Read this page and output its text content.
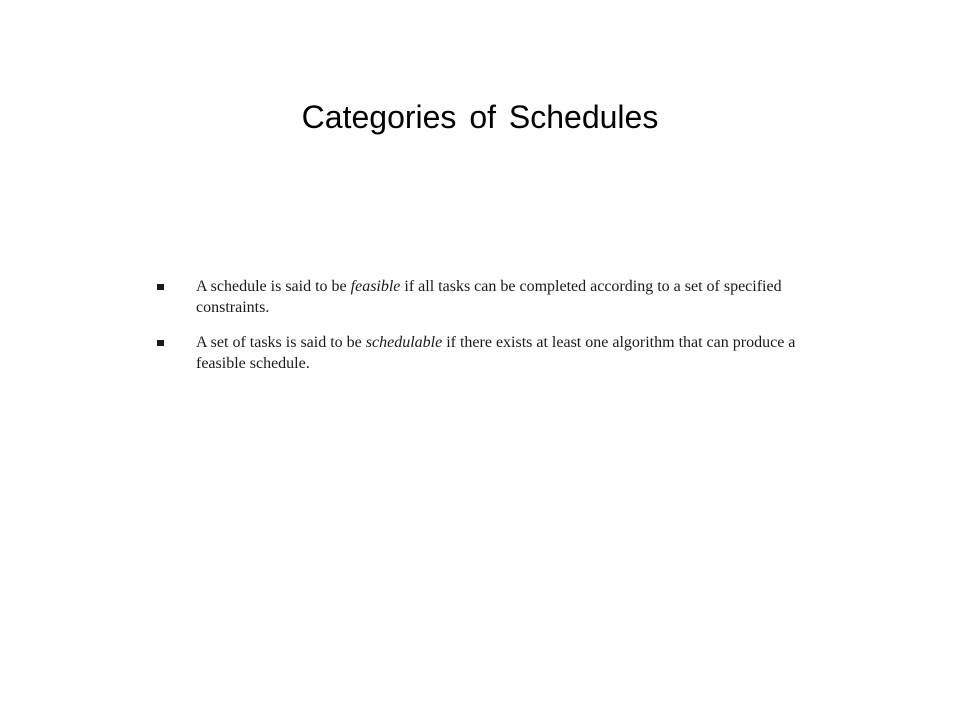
Categories of Schedules
A schedule is said to be feasible if all tasks can be completed according to a set of specified constraints.
A set of tasks is said to be schedulable if there exists at least one algorithm that can produce a feasible schedule.
